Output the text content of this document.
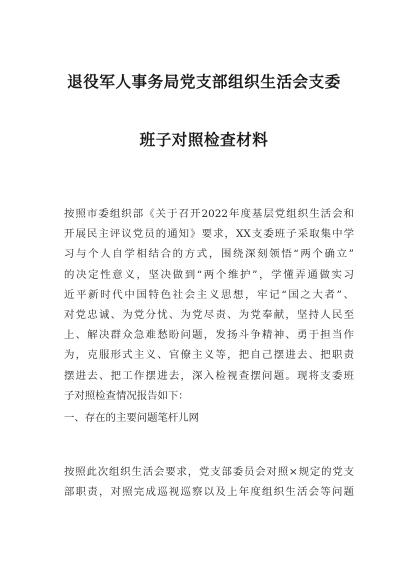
退役军人事务局党支部组织生活会支委
班子对照检查材料
按照市委组织部《关于召开2022年度基层党组织生活会和
开展民主评议党员的通知》要求，XX支委班子采取集中学
习与个人自学相结合的方式，围绕深刻领悟“两个确立”
的决定性意义，坚决做到“两个维护”，学懂弄通做实习
近平新时代中国特色社会主义思想，牢记“国之大者”、
对党忠诚、为党分忧、为党尽责、为党奉献，坚持人民至
上、解决群众急难愁盼问题，发扬斗争精神、勇于担当作
为，克服形式主义、官僚主义等，把自己摆进去、把职责
摆进去、把工作摆进去，深入检视查摆问题。现将支委班
子对照检查情况报告如下：
一、存在的主要问题笔杆儿网
按照此次组织生活会要求，党支部委员会对照×规定的党支
部职责，对照完成巡视巡察以及上年度组织生活会等问题
